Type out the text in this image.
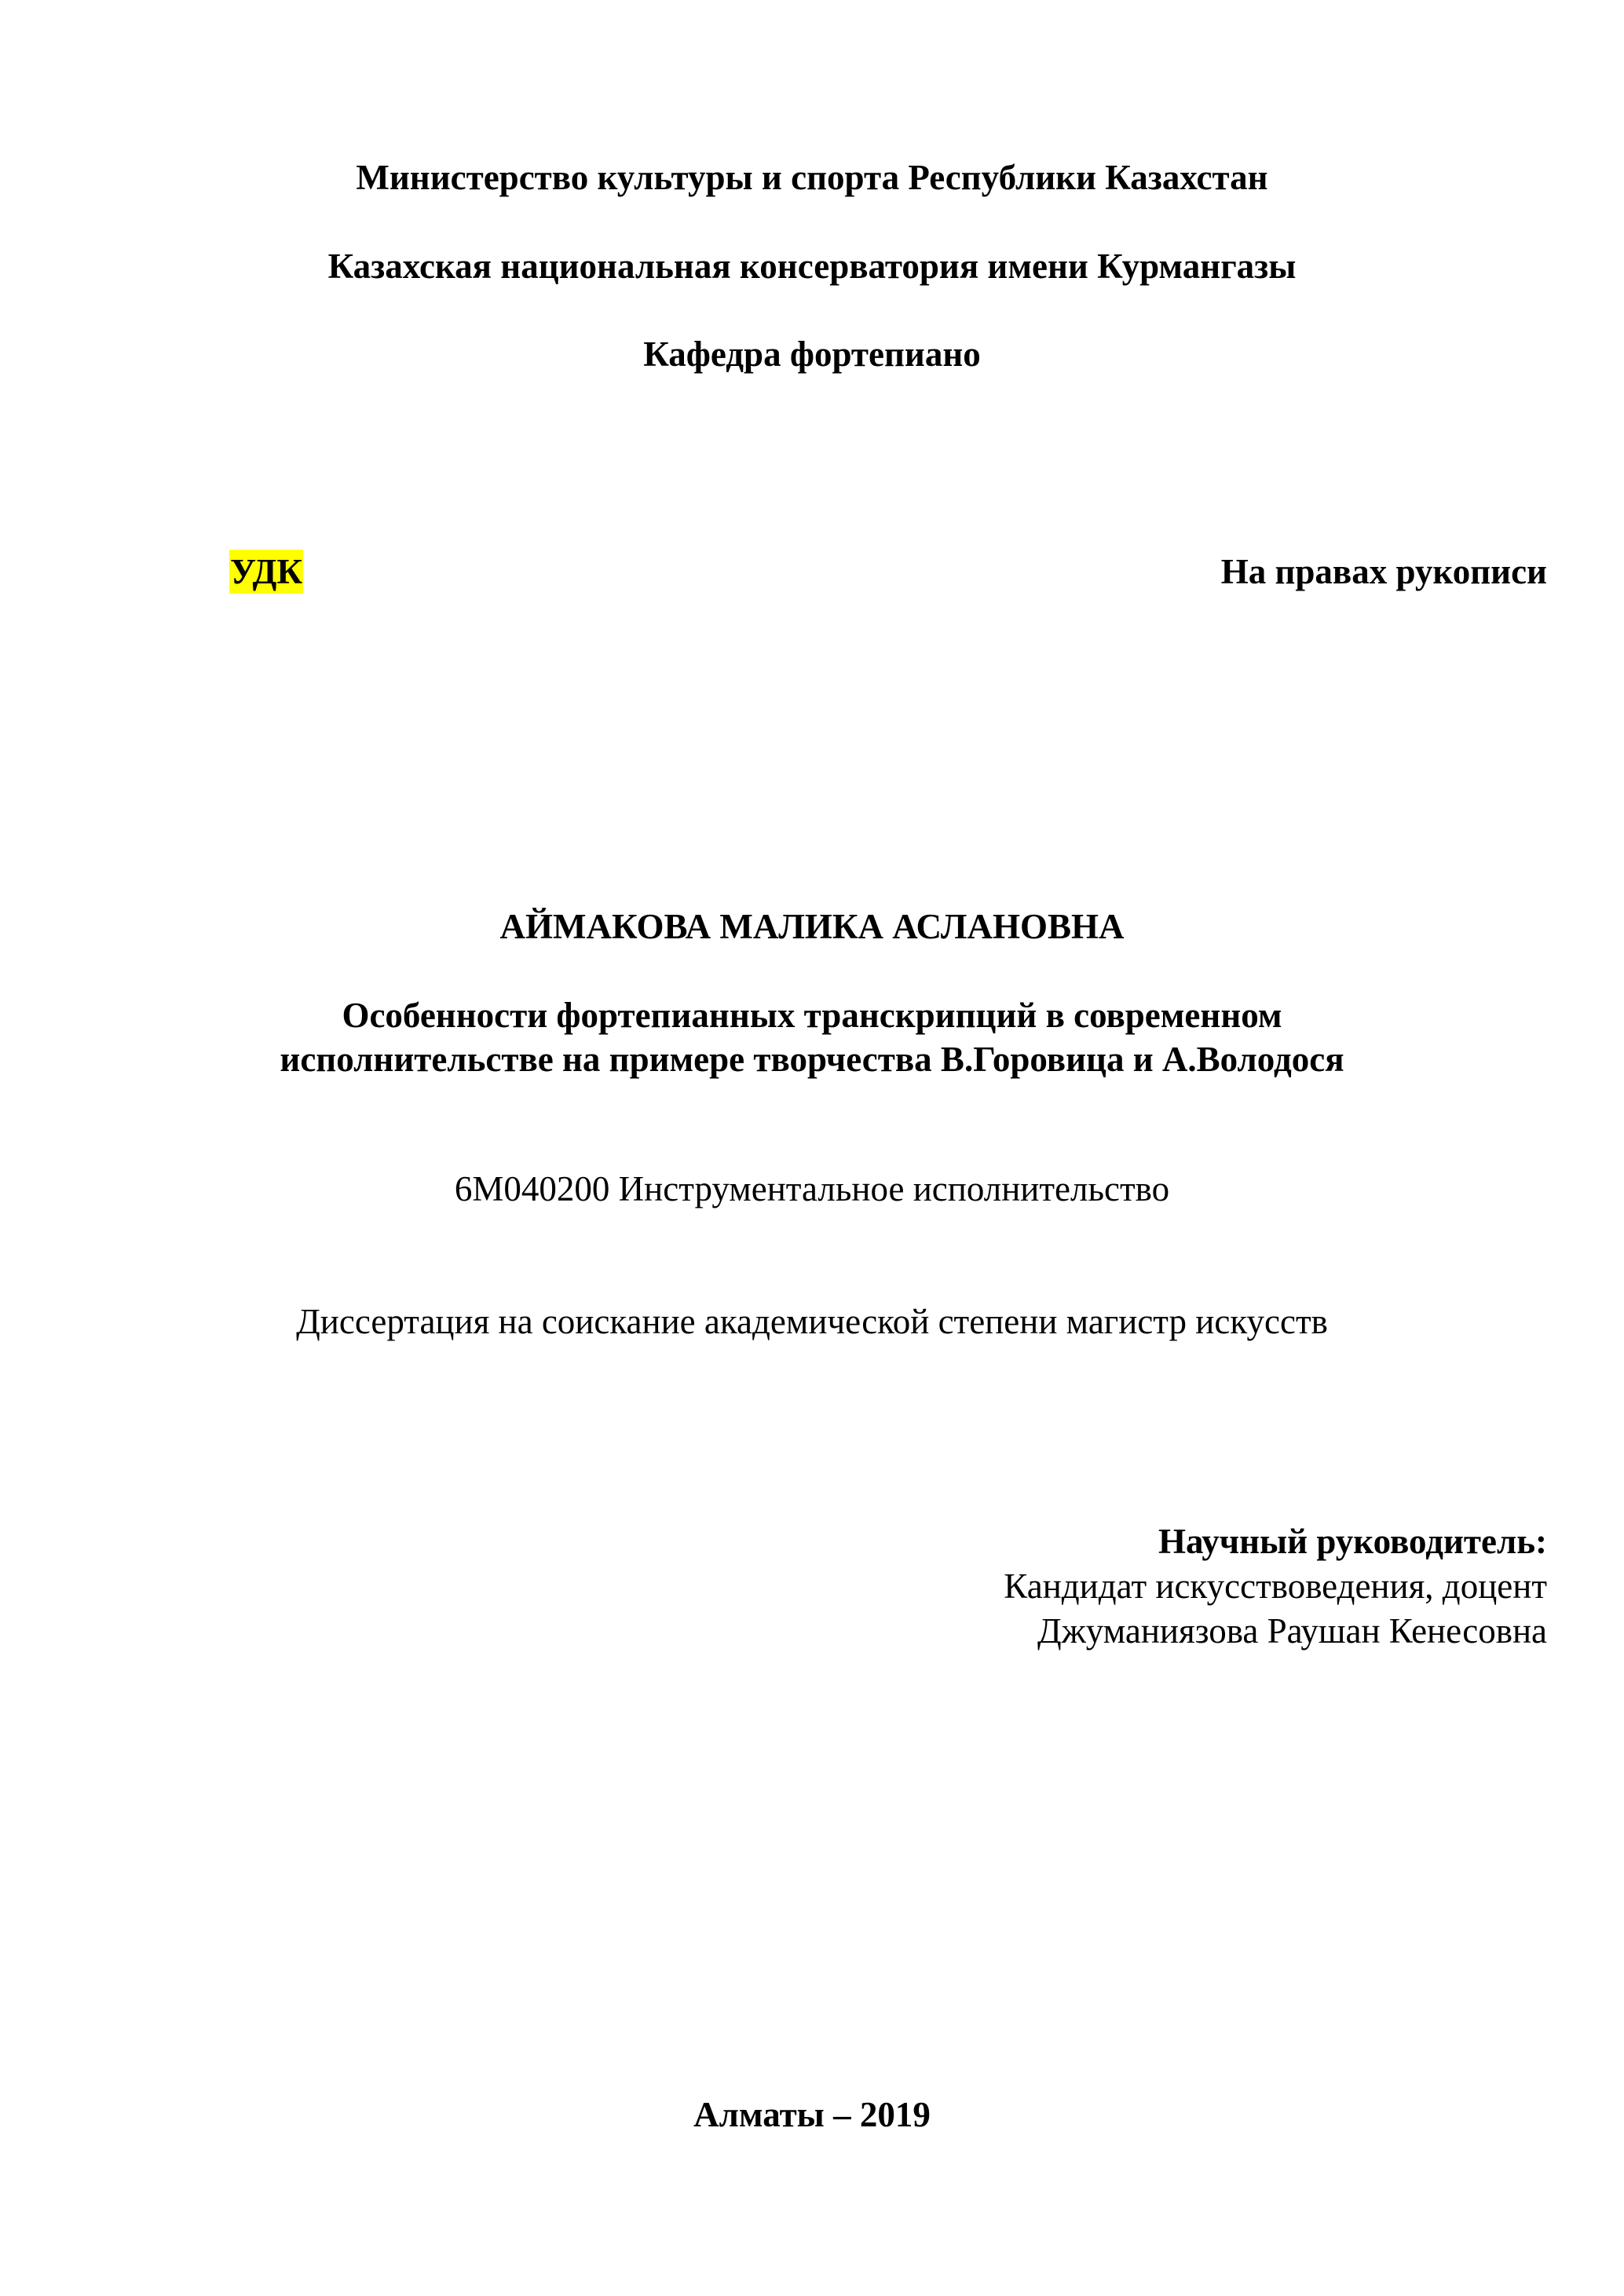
Министерство культуры и спорта Республики Казахстан
Казахская национальная консерватория имени Курмангазы
Кафедра фортепиано
УДК	На правах рукописи
АЙМАКОВА МАЛИКА АСЛАНОВНА
Особенности фортепианных транскрипций в современном
исполнительстве на примере творчества В.Горовица и А.Володося
6М040200 Инструментальное исполнительство
Диссертация на соискание академической степени магистр искусств
Научный руководитель:
Кандидат искусствоведения, доцент
Джуманиязова Раушан Кенесовна
Алматы – 2019
